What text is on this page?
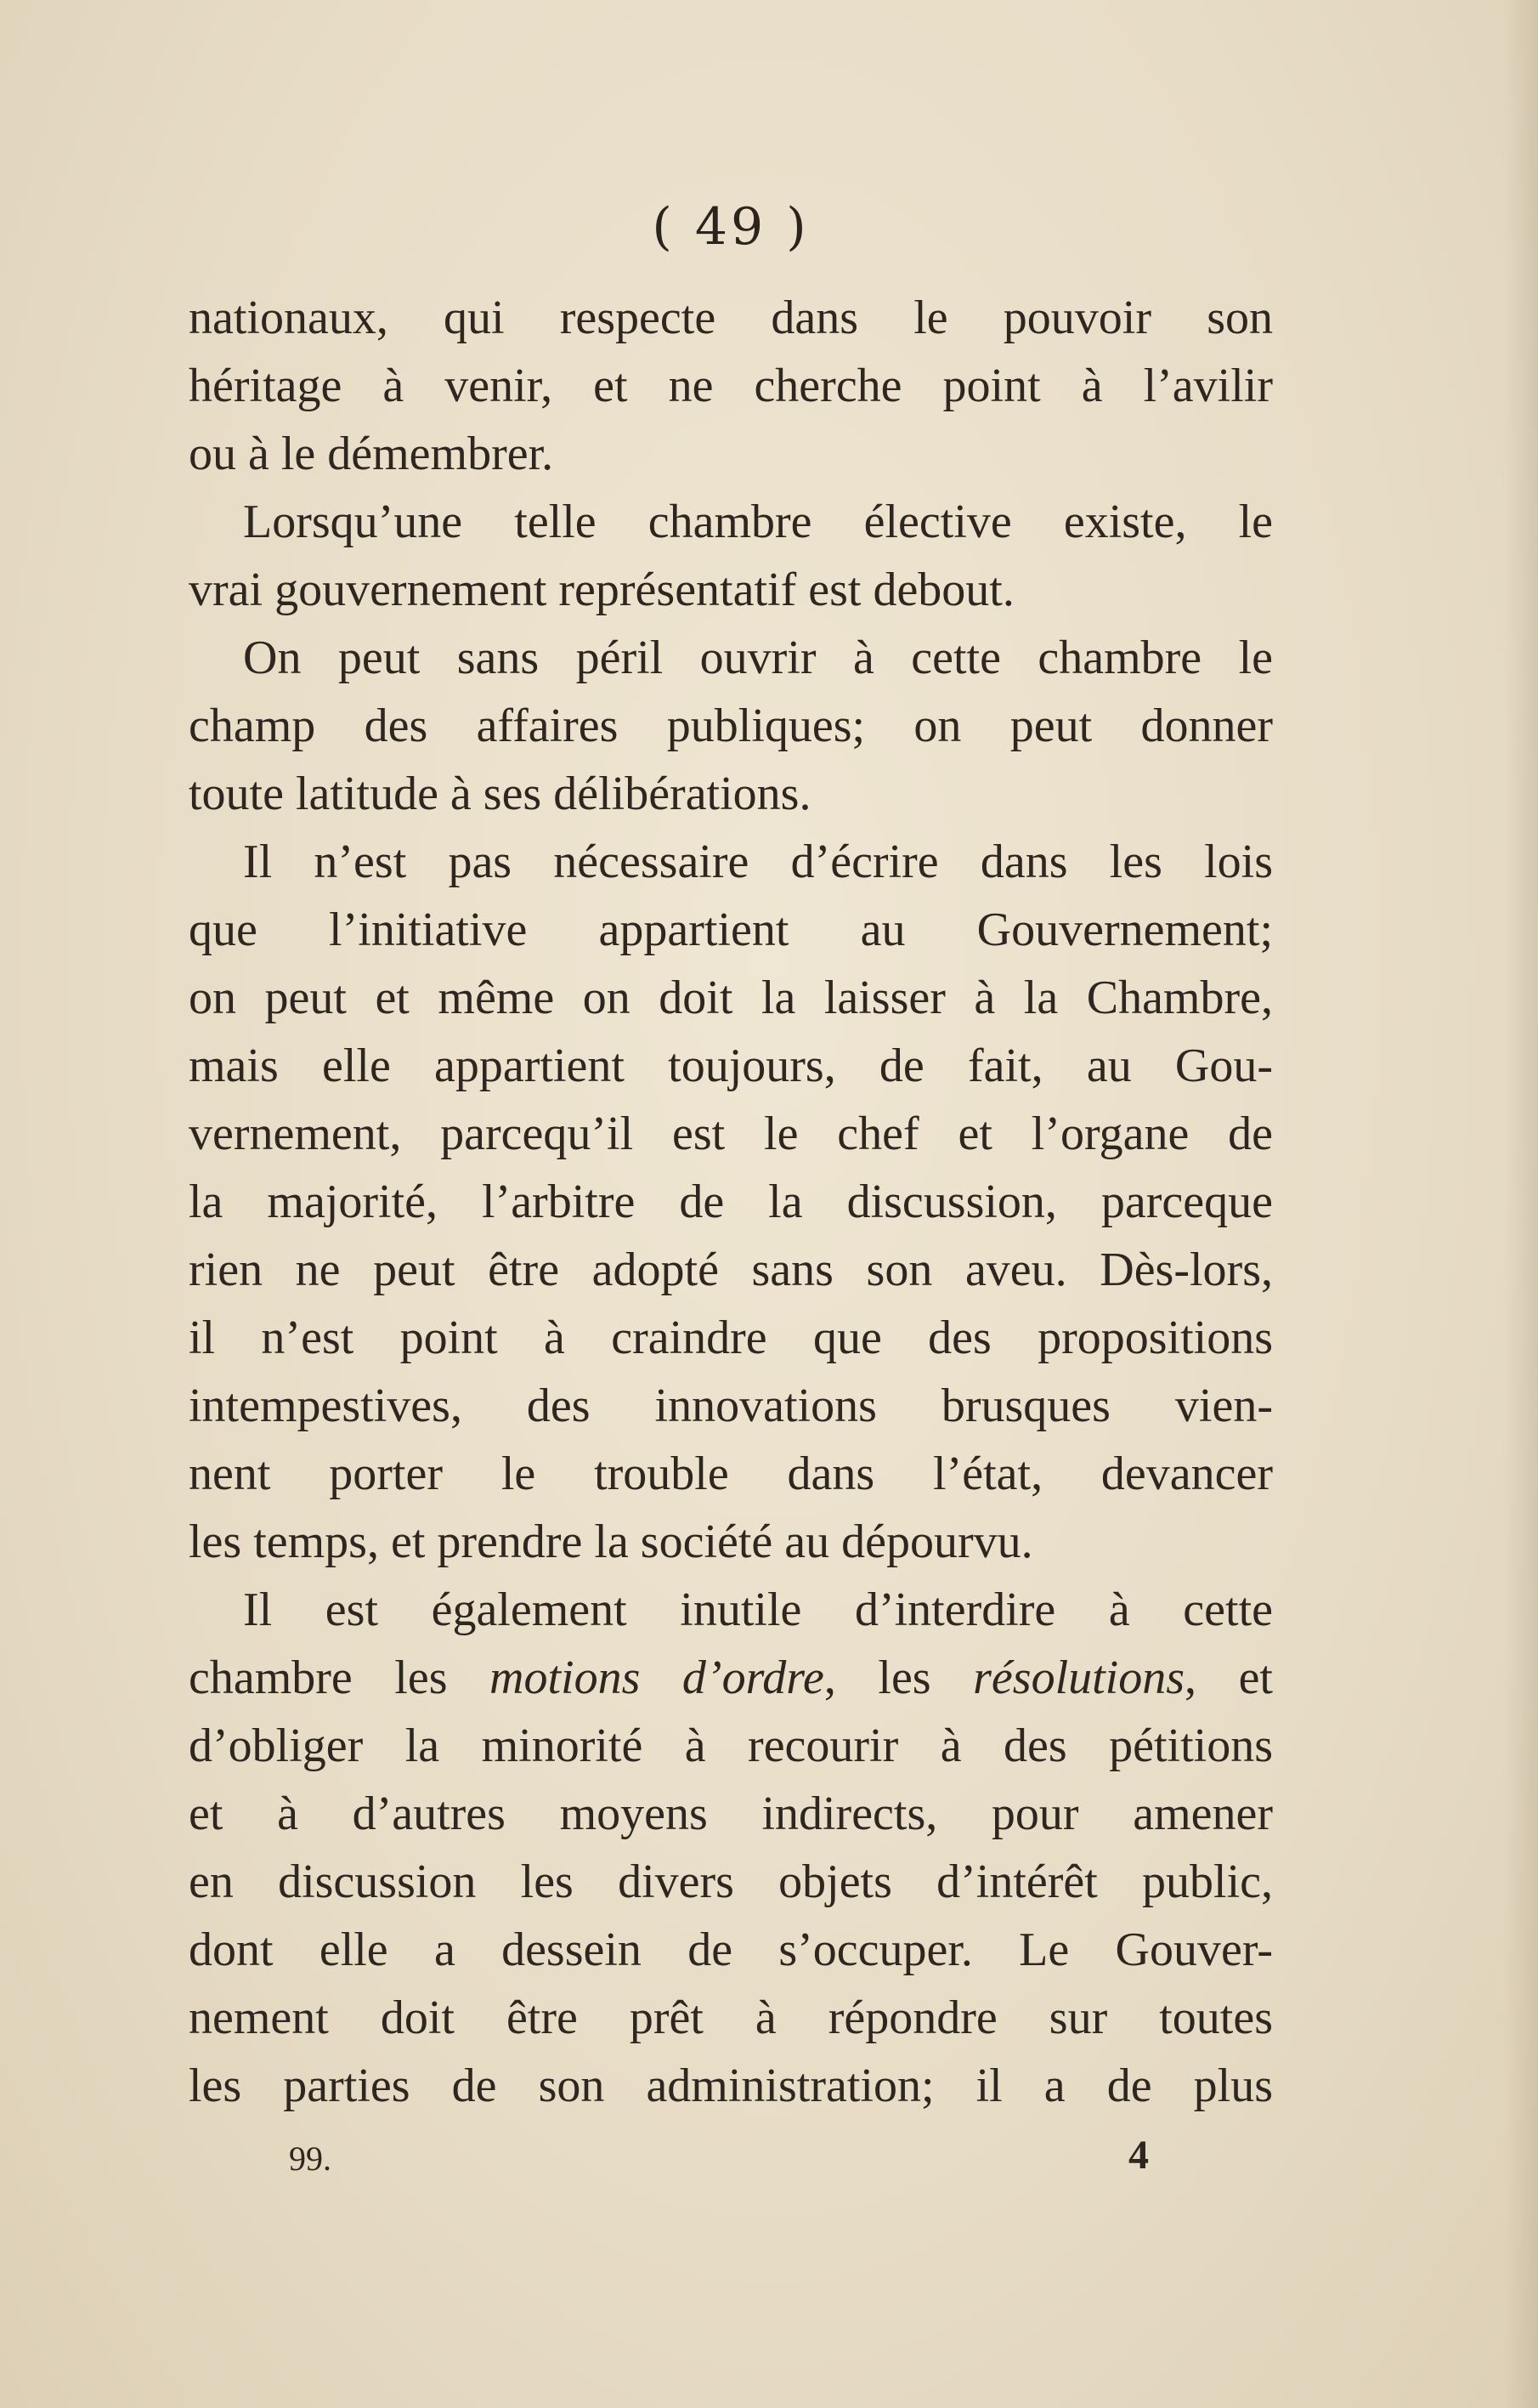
( 49 )
nationaux, qui respecte dans le pouvoir son
héritage à venir, et ne cherche point à l’avilir
ou à le démembrer.
Lorsqu’une telle chambre élective existe, le
vrai gouvernement représentatif est debout.
On peut sans péril ouvrir à cette chambre le
champ des affaires publiques; on peut donner
toute latitude à ses délibérations.
Il n’est pas nécessaire d’écrire dans les lois
que l’initiative appartient au Gouvernement;
on peut et même on doit la laisser à la Chambre,
mais elle appartient toujours, de fait, au Gou-
vernement, parcequ’il est le chef et l’organe de
la majorité, l’arbitre de la discussion, parceque
rien ne peut être adopté sans son aveu. Dès-lors,
il n’est point à craindre que des propositions
intempestives, des innovations brusques vien-
nent porter le trouble dans l’état, devancer
les temps, et prendre la société au dépourvu.
Il est également inutile d’interdire à cette
chambre les motions d’ordre, les résolutions, et
d’obliger la minorité à recourir à des pétitions
et à d’autres moyens indirects, pour amener
en discussion les divers objets d’intérêt public,
dont elle a dessein de s’occuper. Le Gouver-
nement doit être prêt à répondre sur toutes
les parties de son administration; il a de plus
99.	4
